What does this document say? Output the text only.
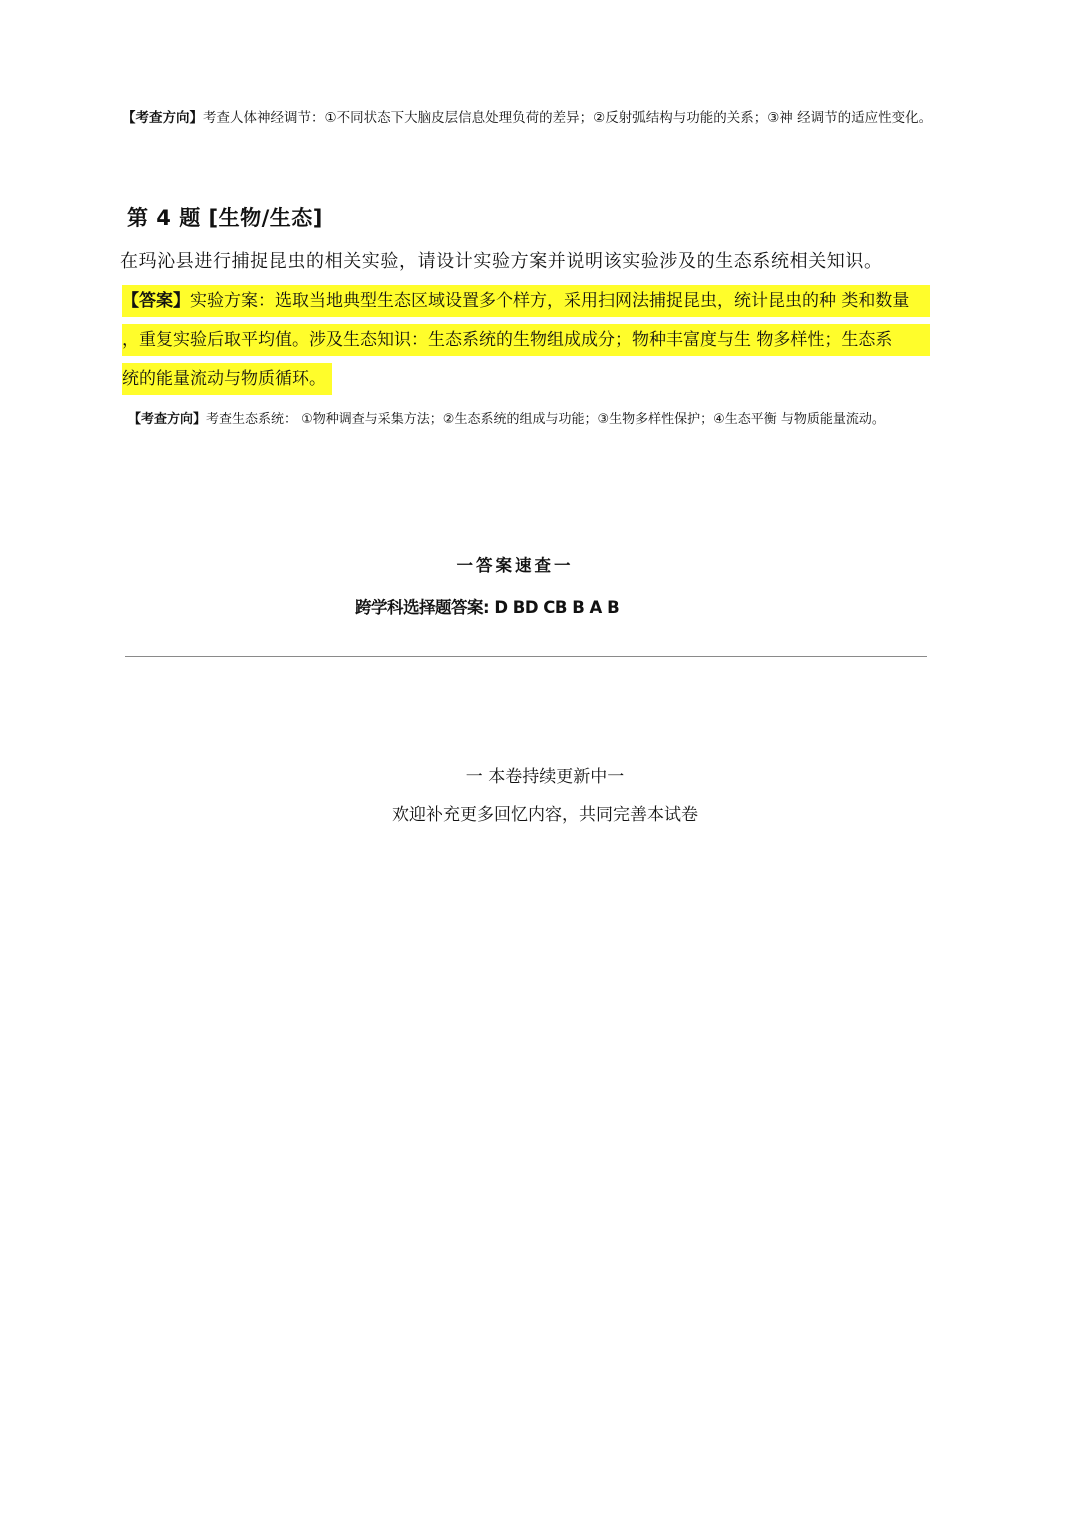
【考查方向】考查人体神经调节：①不同状态下大脑皮层信息处理负荷的差异；②反射弧结构与功能的关系；③神 经调节的适应性变化。
第 4 题 [生物/生态]
在玛沁县进行捕捉昆虫的相关实验，请设计实验方案并说明该实验涉及的生态系统相关知识。
【答案】实验方案：选取当地典型生态区域设置多个样方，采用扫网法捕捉昆虫，统计昆虫的种 类和数量
，重复实验后取平均值。涉及生态知识：生态系统的生物组成成分；物种丰富度与生 物多样性；生态系
统的能量流动与物质循环。
【考查方向】考查生态系统： ①物种调查与采集方法；②生态系统的组成与功能；③生物多样性保护；④生态平衡 与物质能量流动。
一答案速查一
跨学科选择题答案: D BD CB B A B
一 本卷持续更新中一
欢迎补充更多回忆内容，共同完善本试卷
